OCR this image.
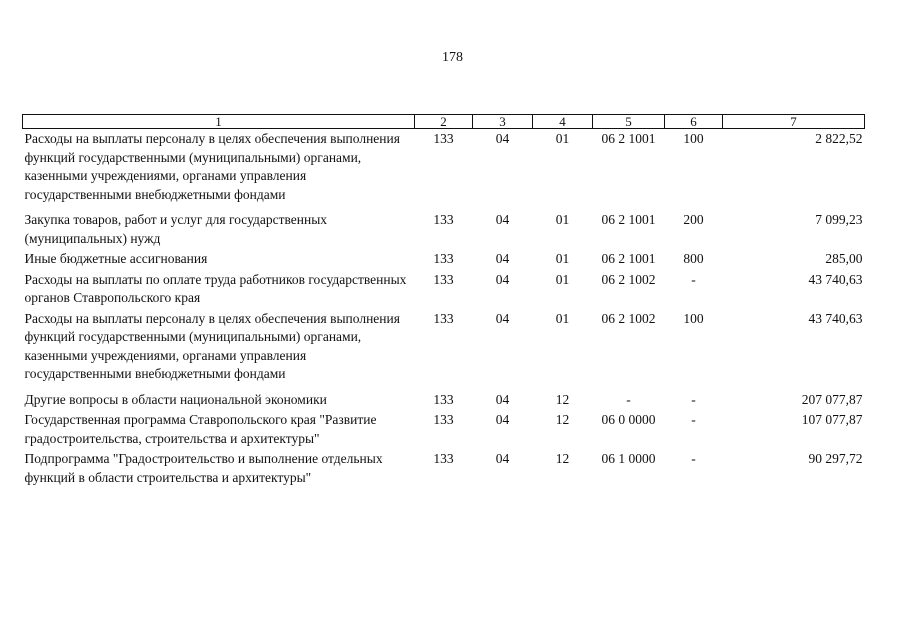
178
1	2	3	4	5	6	7
Расходы на выплаты персоналу в целях обеспечения выполнения функций государственными (муниципальными) органами, казенными учреждениями, органами управления государственными внебюджетными фондами	133	04	01	06 2 1001	100	2 822,52
Закупка товаров, работ и услуг для государственных (муниципальных) нужд	133	04	01	06 2 1001	200	7 099,23
Иные бюджетные ассигнования	133	04	01	06 2 1001	800	285,00
Расходы на выплаты по оплате труда работников государственных органов Ставропольского края	133	04	01	06 2 1002	-	43 740,63
Расходы на выплаты персоналу в целях обеспечения выполнения функций государственными (муниципальными) органами, казенными учреждениями, органами управления государственными внебюджетными фондами	133	04	01	06 2 1002	100	43 740,63
Другие вопросы в области национальной экономики	133	04	12	-	-	207 077,87
Государственная программа Ставропольского края "Развитие градостроительства, строительства и архитектуры"	133	04	12	06 0 0000	-	107 077,87
Подпрограмма "Градостроительство и выполнение отдельных функций в области строительства и архитектуры"	133	04	12	06 1 0000	-	90 297,72
